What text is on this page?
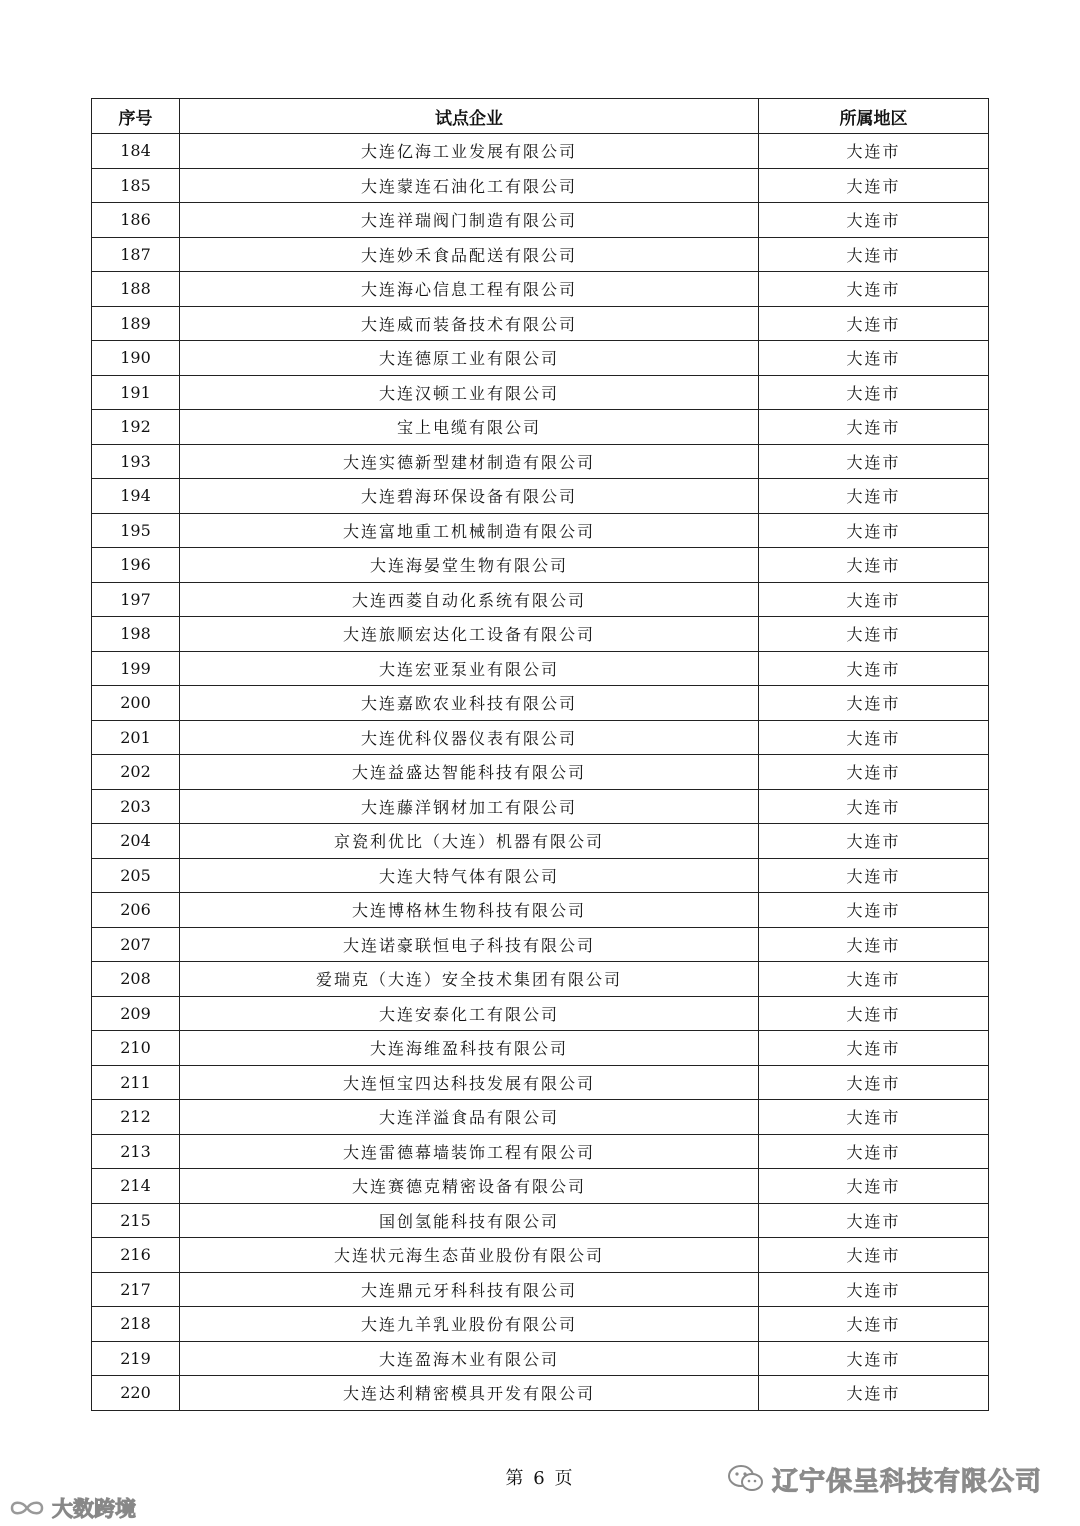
序号	试点企业	所属地区
184	大连亿海工业发展有限公司	大连市
185	大连蒙连石油化工有限公司	大连市
186	大连祥瑞阀门制造有限公司	大连市
187	大连妙禾食品配送有限公司	大连市
188	大连海心信息工程有限公司	大连市
189	大连威而装备技术有限公司	大连市
190	大连德原工业有限公司	大连市
191	大连汉顿工业有限公司	大连市
192	宝上电缆有限公司	大连市
193	大连实德新型建材制造有限公司	大连市
194	大连碧海环保设备有限公司	大连市
195	大连富地重工机械制造有限公司	大连市
196	大连海晏堂生物有限公司	大连市
197	大连西菱自动化系统有限公司	大连市
198	大连旅顺宏达化工设备有限公司	大连市
199	大连宏亚泵业有限公司	大连市
200	大连嘉欧农业科技有限公司	大连市
201	大连优科仪器仪表有限公司	大连市
202	大连益盛达智能科技有限公司	大连市
203	大连藤洋钢材加工有限公司	大连市
204	京瓷利优比（大连）机器有限公司	大连市
205	大连大特气体有限公司	大连市
206	大连博格林生物科技有限公司	大连市
207	大连诺豪联恒电子科技有限公司	大连市
208	爱瑞克（大连）安全技术集团有限公司	大连市
209	大连安泰化工有限公司	大连市
210	大连海维盈科技有限公司	大连市
211	大连恒宝四达科技发展有限公司	大连市
212	大连洋溢食品有限公司	大连市
213	大连雷德幕墙装饰工程有限公司	大连市
214	大连赛德克精密设备有限公司	大连市
215	国创氢能科技有限公司	大连市
216	大连状元海生态苗业股份有限公司	大连市
217	大连鼎元牙科科技有限公司	大连市
218	大连九羊乳业股份有限公司	大连市
219	大连盈海木业有限公司	大连市
220	大连达利精密模具开发有限公司	大连市
第 6 页	辽宁保呈科技有限公司
大数跨境
